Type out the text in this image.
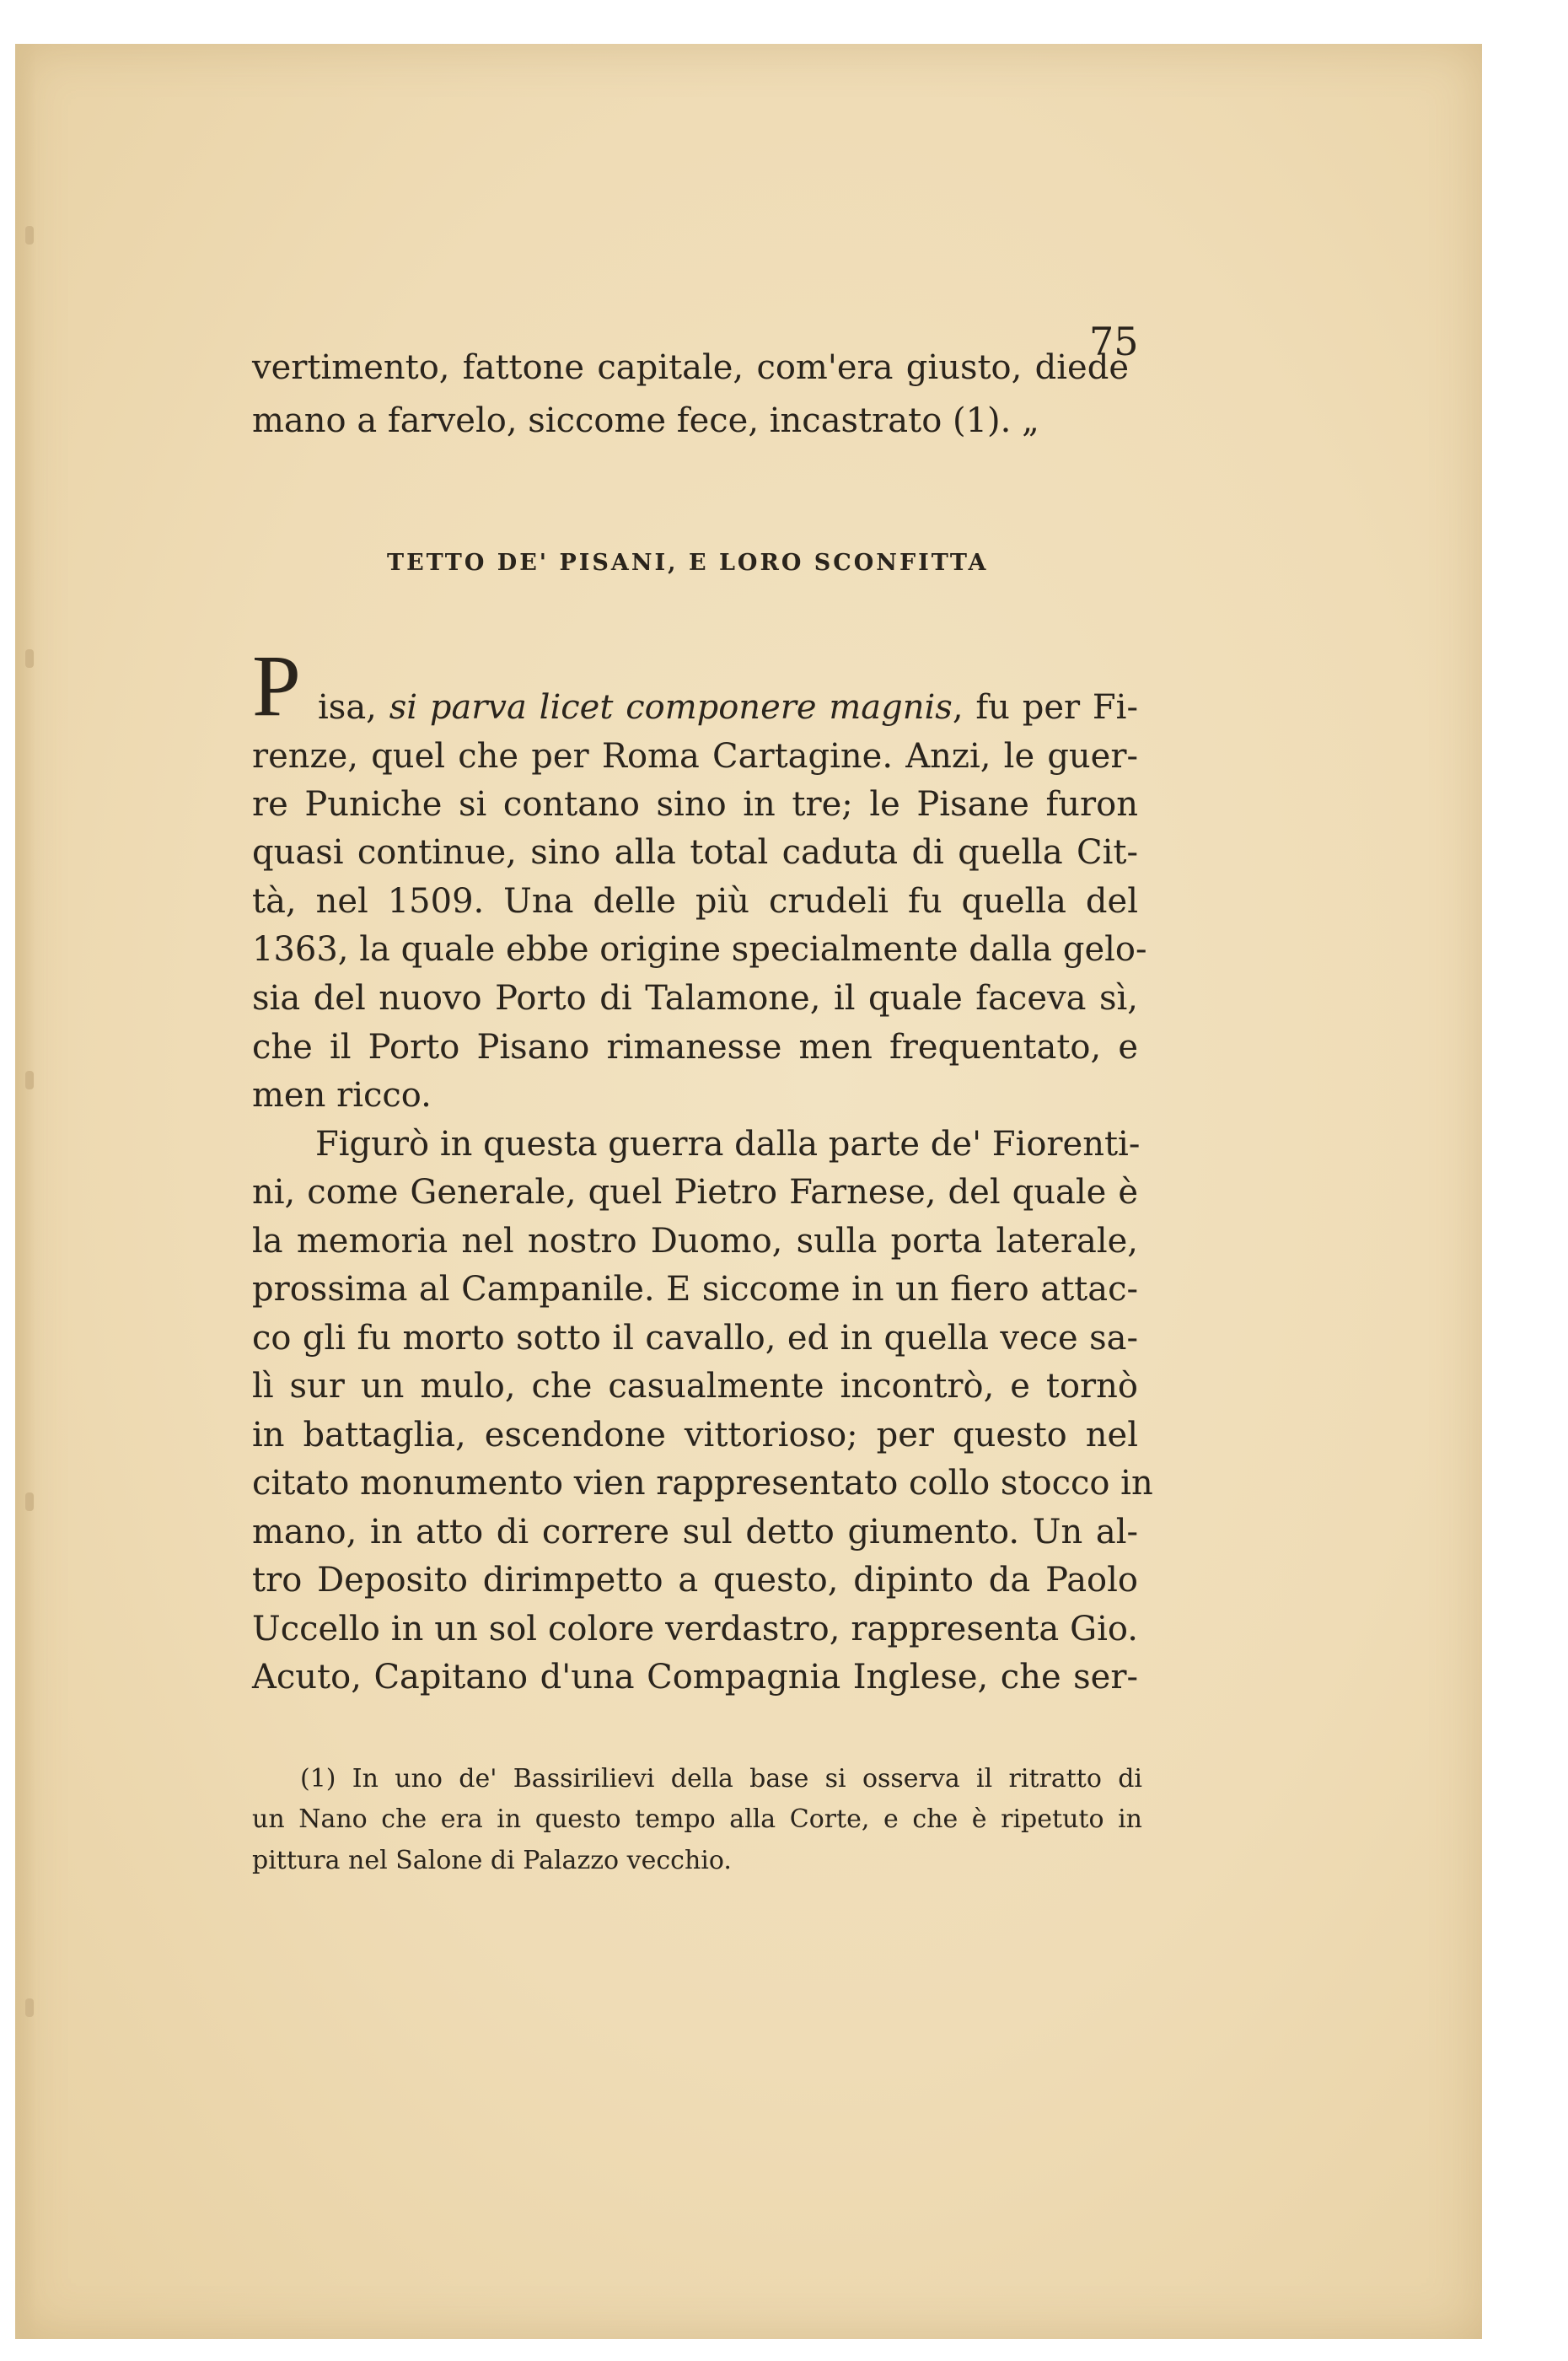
75

vertimento, fattone capitale, com'era giusto, diede

mano a farvelo, siccome fece, incastrato (1). „

TETTO DE' PISANI, E LORO SCONFITTA

P isa, si parva licet componere magnis, fu per Fi-

renze, quel che per Roma Cartagine. Anzi, le guer-

re Puniche si contano sino in tre; le Pisane furon

quasi continue, sino alla total caduta di quella Cit-

tà, nel 1509. Una delle più crudeli fu quella del

1363, la quale ebbe origine specialmente dalla gelo-

sia del nuovo Porto di Talamone, il quale faceva sì,

che il Porto Pisano rimanesse men frequentato, e

men ricco.

Figurò in questa guerra dalla parte de' Fiorenti-

ni, come Generale, quel Pietro Farnese, del quale è

la memoria nel nostro Duomo, sulla porta laterale,

prossima al Campanile. E siccome in un fiero attac-

co gli fu morto sotto il cavallo, ed in quella vece sa-

lì sur un mulo, che casualmente incontrò, e tornò

in battaglia, escendone vittorioso; per questo nel

citato monumento vien rappresentato collo stocco in

mano, in atto di correre sul detto giumento. Un al-

tro Deposito dirimpetto a questo, dipinto da Paolo

Uccello in un sol colore verdastro, rappresenta Gio.

Acuto, Capitano d'una Compagnia Inglese, che ser-

(1) In uno de' Bassirilievi della base si osserva il ritratto di

un Nano che era in questo tempo alla Corte, e che è ripetuto in

pittura nel Salone di Palazzo vecchio.
